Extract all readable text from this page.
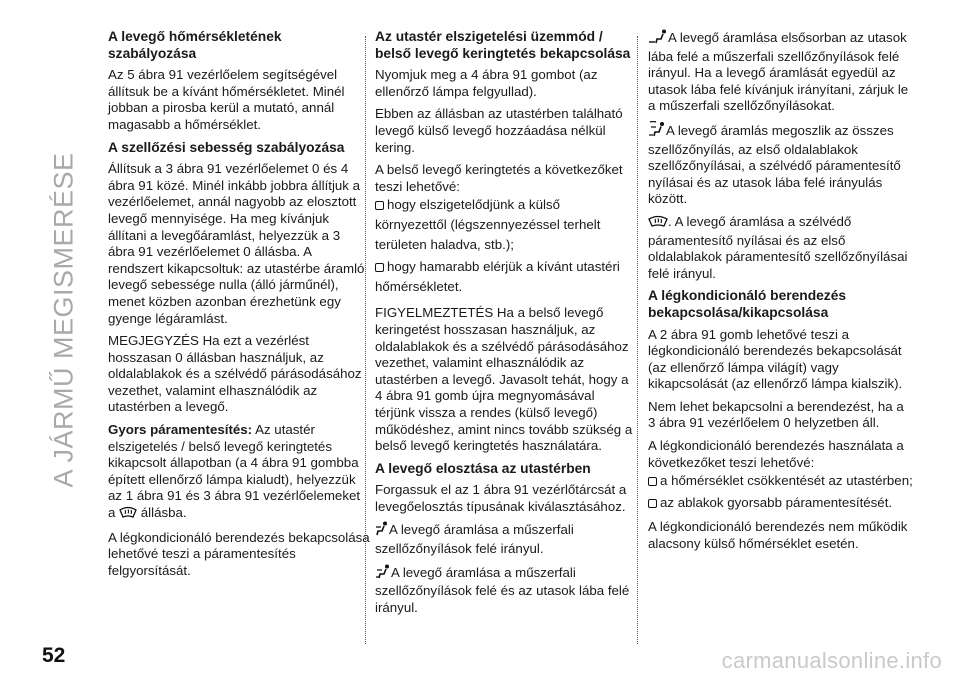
A JÁRMŰ MEGISMERÉSE
A levegő hőmérsékletének szabályozása

Az 5 ábra 91 vezérlőelem segítségével állítsuk be a kívánt hőmérsékletet. Minél jobban a pirosba kerül a mutató, annál magasabb a hőmérséklet.

A szellőzési sebesség szabályozása

Állítsuk a 3 ábra 91 vezérlőelemet 0 és 4 ábra 91 közé. Minél inkább jobbra állítjuk a vezérlőelemet, annál nagyobb az elosztott levegő mennyisége. Ha meg kívánjuk állítani a levegőáramlást, helyezzük a 3 ábra 91 vezérlőelemet 0 állásba. A rendszert kikapcsoltuk: az utastérbe áramló levegő sebessége nulla (álló járműnél), menet közben azonban érezhetünk egy gyenge légáramlást.

MEGJEGYZÉS Ha ezt a vezérlést hosszasan 0 állásban használjuk, az oldalablakok és a szélvédő párásodásához vezethet, valamint elhasználódik az utastérben a levegő.

Gyors páramentesítés: Az utastér elszigetelés / belső levegő keringtetés kikapcsolt állapotban (a 4 ábra 91 gombba épített ellenőrző lámpa kialudt), helyezzük az 1 ábra 91 és 3 ábra 91 vezérlőelemeket a  állásba.

A légkondicionáló berendezés bekapcsolása lehetővé teszi a páramentesítés felgyorsítását.

Az utastér elszigetelési üzemmód / belső levegő keringtetés bekapcsolása

Nyomjuk meg a 4 ábra 91 gombot (az ellenőrző lámpa felgyullad).

Ebben az állásban az utastérben található levegő külső levegő hozzáadása nélkül kering.

A belső levegő keringtetés a következőket teszi lehetővé:

hogy elszigetelődjünk a külső környezettől (légszennyezéssel terhelt területen haladva, stb.);

hogy hamarabb elérjük a kívánt utastéri hőmérsékletet.

FIGYELMEZTETÉS Ha a belső levegő keringetést hosszasan használjuk, az oldalablakok és a szélvédő párásodásához vezethet, valamint elhasználódik az utastérben a levegő. Javasolt tehát, hogy a 4 ábra 91 gomb újra megnyomásával térjünk vissza a rendes (külső levegő) működéshez, amint nincs tovább szükség a belső levegő keringtetés használatára.

A levegő elosztása az utastérben

Forgassuk el az 1 ábra 91 vezérlőtárcsát a levegőelosztás típusának kiválasztásához.

A levegő áramlása a műszerfali szellőzőnyílások felé irányul.

A levegő áramlása a műszerfali szellőzőnyílások felé és az utasok lába felé irányul.

A levegő áramlása elsősorban az utasok lába felé a műszerfali szellőzőnyílások felé irányul. Ha a levegő áramlását egyedül az utasok lába felé kívánjuk irányítani, zárjuk le a műszerfali szellőzőnyílásokat.

A levegő áramlás megoszlik az összes szellőzőnyílás, az első oldalablakok szellőzőnyílásai, a szélvédő páramentesítő nyílásai és az utasok lába felé irányulás között.

. A levegő áramlása a szélvédő páramentesítő nyílásai és az első oldalablakok páramentesítő szellőzőnyílásai felé irányul.

A légkondicionáló berendezés bekapcsolása/kikapcsolása

A 2 ábra 91 gomb lehetővé teszi a légkondicionáló berendezés bekapcsolását (az ellenőrző lámpa világít) vagy kikapcsolását (az ellenőrző lámpa kialszik).

Nem lehet bekapcsolni a berendezést, ha a 3 ábra 91 vezérlőelem 0 helyzetben áll.

A légkondicionáló berendezés használata a következőket teszi lehetővé:

a hőmérséklet csökkentését az utastérben;

az ablakok gyorsabb páramentesítését.

A légkondicionáló berendezés nem működik alacsony külső hőmérséklet esetén.

52	carmanualsonline.info
